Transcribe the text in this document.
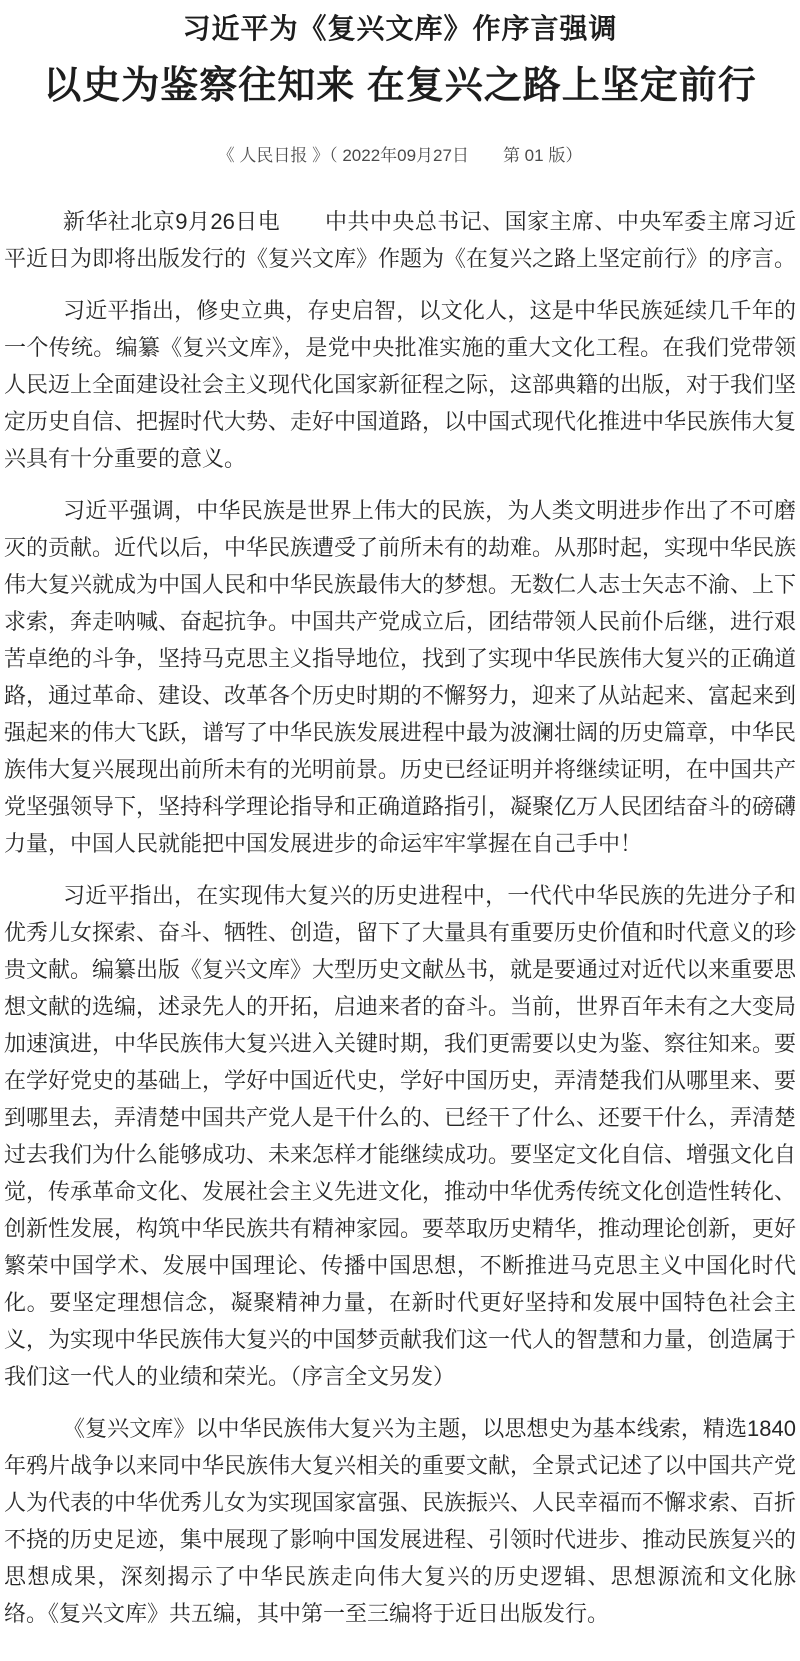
习近平为《复兴文库》作序言强调
以史为鉴察往知来 在复兴之路上坚定前行
《 人民日报 》（ 2022年09月27日　　第 01 版）

新华社北京9月26日电　　中共中央总书记、国家主席、中央军委主席习近平近日为即将出版发行的《复兴文库》作题为《在复兴之路上坚定前行》的序言。

习近平指出，修史立典，存史启智，以文化人，这是中华民族延续几千年的一个传统。编纂《复兴文库》，是党中央批准实施的重大文化工程。在我们党带领人民迈上全面建设社会主义现代化国家新征程之际，这部典籍的出版，对于我们坚定历史自信、把握时代大势、走好中国道路，以中国式现代化推进中华民族伟大复兴具有十分重要的意义。

习近平强调，中华民族是世界上伟大的民族，为人类文明进步作出了不可磨灭的贡献。近代以后，中华民族遭受了前所未有的劫难。从那时起，实现中华民族伟大复兴就成为中国人民和中华民族最伟大的梦想。无数仁人志士矢志不渝、上下求索，奔走呐喊、奋起抗争。中国共产党成立后，团结带领人民前仆后继，进行艰苦卓绝的斗争，坚持马克思主义指导地位，找到了实现中华民族伟大复兴的正确道路，通过革命、建设、改革各个历史时期的不懈努力，迎来了从站起来、富起来到强起来的伟大飞跃，谱写了中华民族发展进程中最为波澜壮阔的历史篇章，中华民族伟大复兴展现出前所未有的光明前景。历史已经证明并将继续证明，在中国共产党坚强领导下，坚持科学理论指导和正确道路指引，凝聚亿万人民团结奋斗的磅礴力量，中国人民就能把中国发展进步的命运牢牢掌握在自己手中！

习近平指出，在实现伟大复兴的历史进程中，一代代中华民族的先进分子和优秀儿女探索、奋斗、牺牲、创造，留下了大量具有重要历史价值和时代意义的珍贵文献。编纂出版《复兴文库》大型历史文献丛书，就是要通过对近代以来重要思想文献的选编，述录先人的开拓，启迪来者的奋斗。当前，世界百年未有之大变局加速演进，中华民族伟大复兴进入关键时期，我们更需要以史为鉴、察往知来。要在学好党史的基础上，学好中国近代史，学好中国历史，弄清楚我们从哪里来、要到哪里去，弄清楚中国共产党人是干什么的、已经干了什么、还要干什么，弄清楚过去我们为什么能够成功、未来怎样才能继续成功。要坚定文化自信、增强文化自觉，传承革命文化、发展社会主义先进文化，推动中华优秀传统文化创造性转化、创新性发展，构筑中华民族共有精神家园。要萃取历史精华，推动理论创新，更好繁荣中国学术、发展中国理论、传播中国思想，不断推进马克思主义中国化时代化。要坚定理想信念，凝聚精神力量，在新时代更好坚持和发展中国特色社会主义，为实现中华民族伟大复兴的中国梦贡献我们这一代人的智慧和力量，创造属于我们这一代人的业绩和荣光。（序言全文另发）

《复兴文库》以中华民族伟大复兴为主题，以思想史为基本线索，精选1840年鸦片战争以来同中华民族伟大复兴相关的重要文献，全景式记述了以中国共产党人为代表的中华优秀儿女为实现国家富强、民族振兴、人民幸福而不懈求索、百折不挠的历史足迹，集中展现了影响中国发展进程、引领时代进步、推动民族复兴的思想成果，深刻揭示了中华民族走向伟大复兴的历史逻辑、思想源流和文化脉络。《复兴文库》共五编，其中第一至三编将于近日出版发行。
